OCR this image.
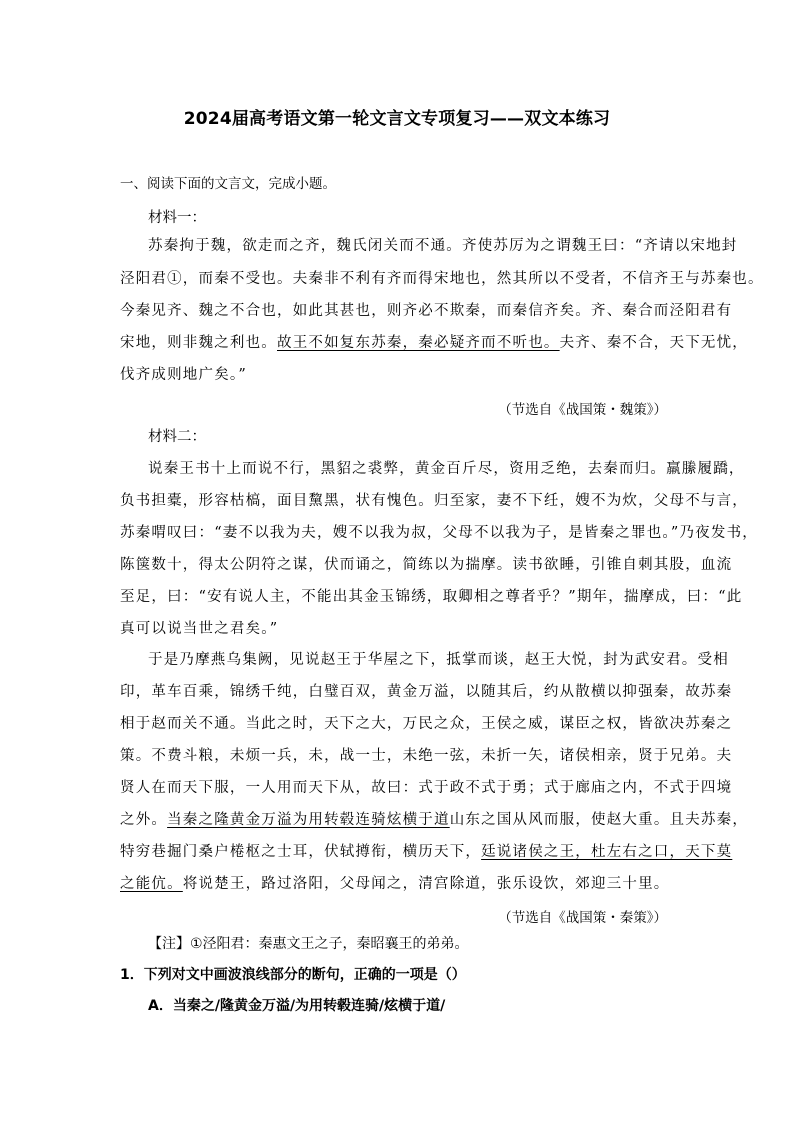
2024届高考语文第一轮文言文专项复习——双文本练习
一、阅读下面的文言文，完成小题。
材料一：
苏秦拘于魏，欲走而之齐，魏氏闭关而不通。齐使苏厉为之谓魏王曰：“齐请以宋地封
泾阳君①，而秦不受也。夫秦非不利有齐而得宋地也，然其所以不受者，不信齐王与苏秦也。
今秦见齐、魏之不合也，如此其甚也，则齐必不欺秦，而秦信齐矣。齐、秦合而泾阳君有
宋地，则非魏之利也。故王不如复东苏秦，秦必疑齐而不听也。夫齐、秦不合，天下无忧，
伐齐成则地广矣。”
（节选自《战国策・魏策》）
材料二：
说秦王书十上而说不行，黑貂之裘弊，黄金百斤尽，资用乏绝，去秦而归。羸縢履蹻，
负书担橐，形容枯槁，面目黧黑，状有愧色。归至家，妻不下纴，嫂不为炊，父母不与言，
苏秦喟叹曰：“妻不以我为夫，嫂不以我为叔，父母不以我为子，是皆秦之罪也。”乃夜发书，
陈箧数十，得太公阴符之谋，伏而诵之，简练以为揣摩。读书欲睡，引锥自刺其股，血流
至足，曰：“安有说人主，不能出其金玉锦绣，取卿相之尊者乎？”期年，揣摩成，曰：“此
真可以说当世之君矣。”
于是乃摩燕乌集阙，见说赵王于华屋之下，抵掌而谈，赵王大悦，封为武安君。受相
印，革车百乘，锦绣千纯，白璧百双，黄金万溢，以随其后，约从散横以抑强秦，故苏秦
相于赵而关不通。当此之时，天下之大，万民之众，王侯之威，谋臣之权，皆欲决苏秦之
策。不费斗粮，未烦一兵，未，战一士，未绝一弦，未折一矢，诸侯相亲，贤于兄弟。夫
贤人在而天下服，一人用而天下从，故曰：式于政不式于勇；式于廊庙之内，不式于四境
之外。当秦之隆黄金万溢为用转毂连骑炫横于道山东之国从风而服，使赵大重。且夫苏秦，
特穷巷掘门桑户棬枢之士耳，伏轼撙衔，横历天下，廷说诸侯之王，杜左右之口，天下莫
之能伉。将说楚王，路过洛阳，父母闻之，清宫除道，张乐设饮，郊迎三十里。
（节选自《战国策・秦策》）
【注】①泾阳君：秦惠文王之子，秦昭襄王的弟弟。
1．下列对文中画波浪线部分的断句，正确的一项是（）
A．当秦之/隆黄金万溢/为用转毂连骑/炫横于道/
